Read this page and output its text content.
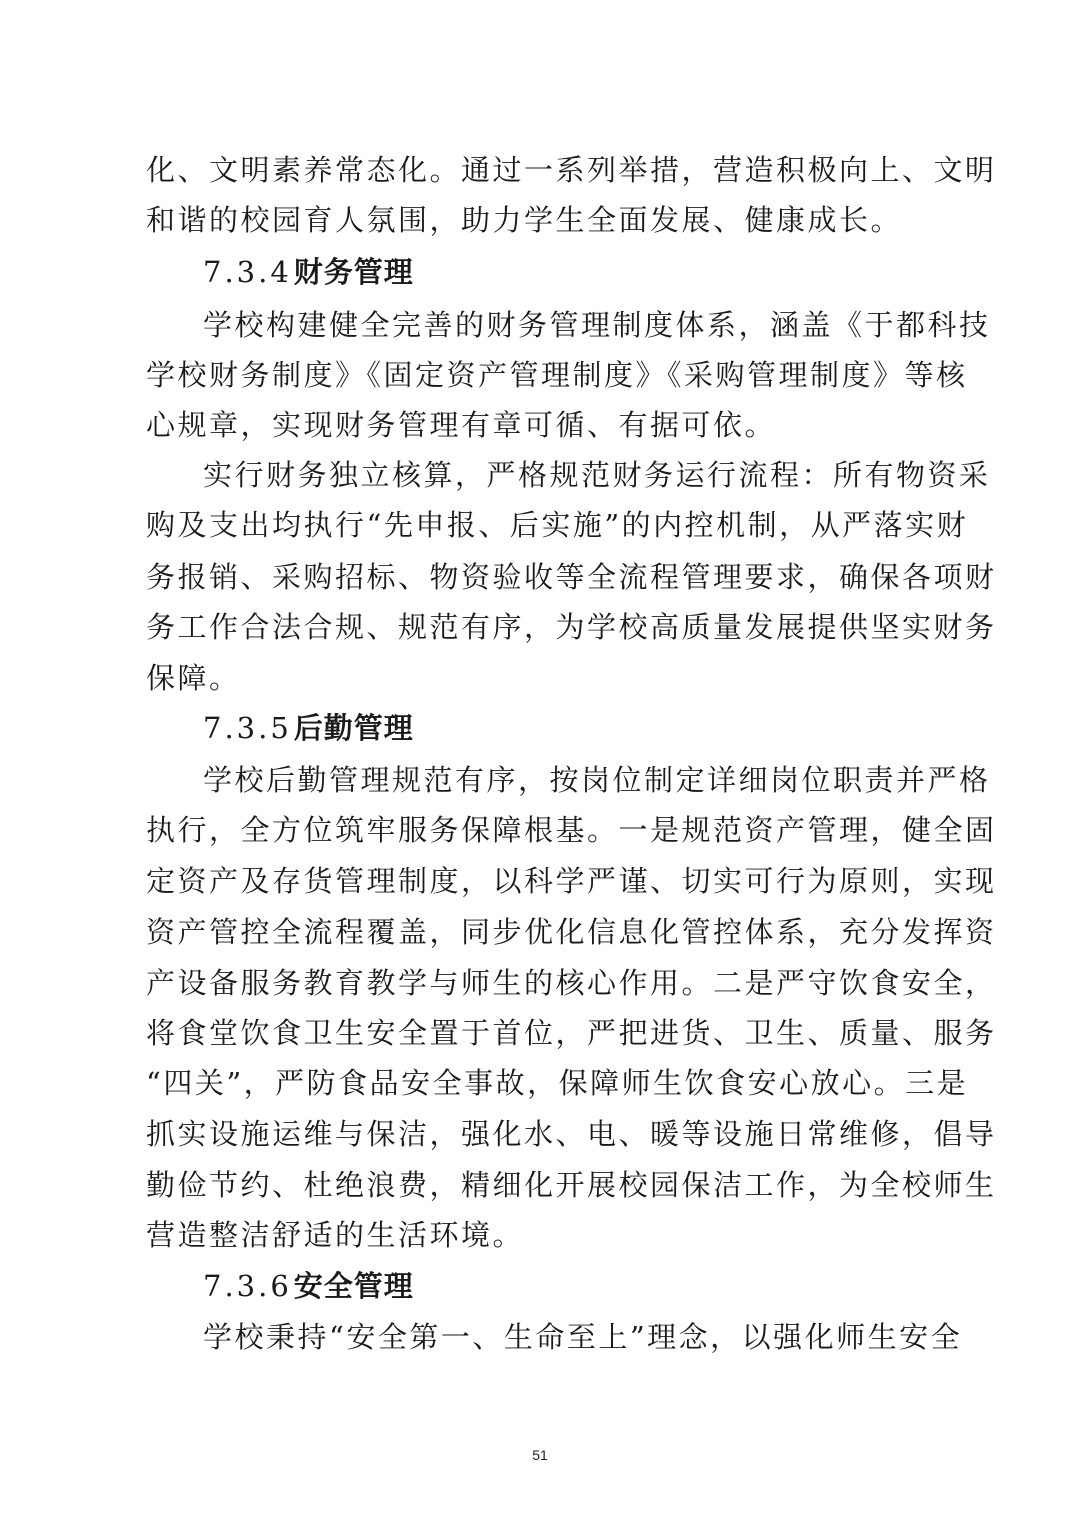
化、文明素养常态化。通过一系列举措，营造积极向上、文明
和谐的校园育人氛围，助力学生全面发展、健康成长。
7.3.4财务管理
学校构建健全完善的财务管理制度体系，涵盖《于都科技
学校财务制度》《固定资产管理制度》《采购管理制度》等核
心规章，实现财务管理有章可循、有据可依。
实行财务独立核算，严格规范财务运行流程：所有物资采
购及支出均执行“先申报、后实施”的内控机制，从严落实财
务报销、采购招标、物资验收等全流程管理要求，确保各项财
务工作合法合规、规范有序，为学校高质量发展提供坚实财务
保障。
7.3.5后勤管理
学校后勤管理规范有序，按岗位制定详细岗位职责并严格
执行，全方位筑牢服务保障根基。一是规范资产管理，健全固
定资产及存货管理制度，以科学严谨、切实可行为原则，实现
资产管控全流程覆盖，同步优化信息化管控体系，充分发挥资
产设备服务教育教学与师生的核心作用。二是严守饮食安全，
将食堂饮食卫生安全置于首位，严把进货、卫生、质量、服务
“四关”，严防食品安全事故，保障师生饮食安心放心。三是
抓实设施运维与保洁，强化水、电、暖等设施日常维修，倡导
勤俭节约、杜绝浪费，精细化开展校园保洁工作，为全校师生
营造整洁舒适的生活环境。
7.3.6安全管理
学校秉持“安全第一、生命至上”理念，以强化师生安全
51
